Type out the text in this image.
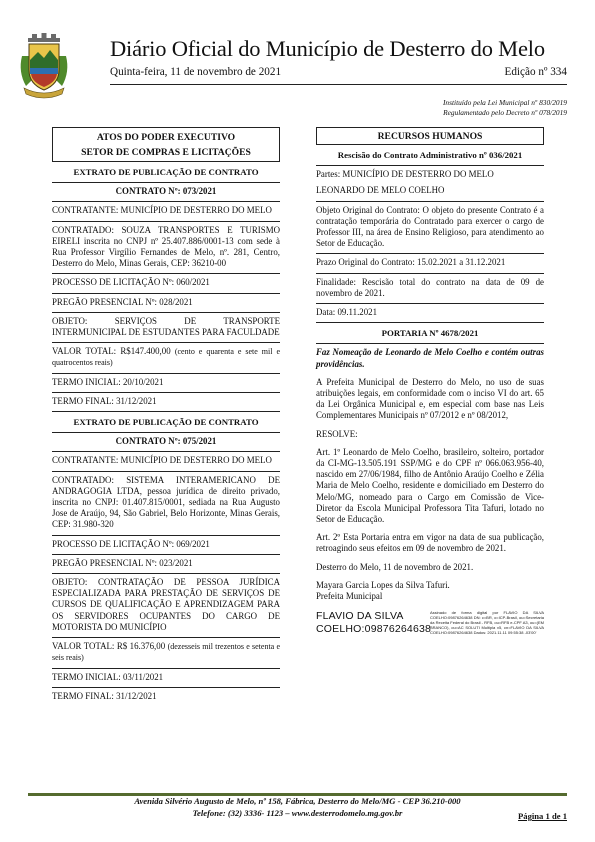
Diário Oficial do Município de Desterro do Melo
Quinta-feira, 11 de novembro de 2021	Edição nº 334
Instituído pela Lei Municipal nº 830/2019
Regulamentado pelo Decreto nº 078/2019
ATOS DO PODER EXECUTIVO
SETOR DE COMPRAS E LICITAÇÕES
EXTRATO DE PUBLICAÇÃO DE CONTRATO
CONTRATO Nº: 073/2021
CONTRATANTE: MUNICÍPIO DE DESTERRO DO MELO
CONTRATADO: SOUZA TRANSPORTES E TURISMO EIRELI inscrita no CNPJ nº 25.407.886/0001-13 com sede à Rua Professor Virgílio Fernandes de Melo, nº. 281, Centro, Desterro do Melo, Minas Gerais, CEP: 36210-00
PROCESSO DE LICITAÇÃO Nº: 060/2021
PREGÃO PRESENCIAL Nº: 028/2021
OBJETO: SERVIÇOS DE TRANSPORTE INTERMUNICIPAL DE ESTUDANTES PARA FACULDADE
VALOR TOTAL: R$147.400,00 (cento e quarenta e sete mil e quatrocentos reais)
TERMO INICIAL: 20/10/2021
TERMO FINAL: 31/12/2021
EXTRATO DE PUBLICAÇÃO DE CONTRATO
CONTRATO Nº: 075/2021
CONTRATANTE: MUNICÍPIO DE DESTERRO DO MELO
CONTRATADO: SISTEMA INTERAMERICANO DE ANDRAGOGIA LTDA, pessoa jurídica de direito privado, inscrita no CNPJ: 01.407.815/0001, sediada na Rua Augusto Jose de Araújo, 94, São Gabriel, Belo Horizonte, Minas Gerais, CEP: 31.980-320
PROCESSO DE LICITAÇÃO Nº: 069/2021
PREGÃO PRESENCIAL Nº: 023/2021
OBJETO: CONTRATAÇÃO DE PESSOA JURÍDICA ESPECIALIZADA PARA PRESTAÇÃO DE SERVIÇOS DE CURSOS DE QUALIFICAÇÃO E APRENDIZAGEM PARA OS SERVIDORES OCUPANTES DO CARGO DE MOTORISTA DO MUNICÍPIO
VALOR TOTAL: R$ 16.376,00 (dezesseis mil trezentos e setenta e seis reais)
TERMO INICIAL: 03/11/2021
TERMO FINAL: 31/12/2021
RECURSOS HUMANOS
Rescisão do Contrato Administrativo nº 036/2021

Partes: MUNICÍPIO DE DESTERRO DO MELO

LEONARDO DE MELO COELHO

Objeto Original do Contrato: O objeto do presente Contrato é a contratação temporária do Contratado para exercer o cargo de Professor III, na área de Ensino Religioso, para atendimento ao Setor de Educação.
Prazo Original do Contrato: 15.02.2021 a 31.12.2021
Finalidade: Rescisão total do contrato na data de 09 de novembro de 2021.
Data: 09.11.2021
PORTARIA Nº 4678/2021

Faz Nomeação de Leonardo de Melo Coelho e contém outras providências.

A Prefeita Municipal de Desterro do Melo, no uso de suas atribuições legais, em conformidade com o inciso VI do art. 65 da Lei Orgânica Municipal e, em especial com base nas Leis Complementares Municipais nº 07/2012 e nº 08/2012,

RESOLVE:

Art. 1º Leonardo de Melo Coelho, brasileiro, solteiro, portador da CI-MG-13.505.191 SSP/MG e do CPF nº 066.063.956-40, nascido em 27/06/1984, filho de Antônio Araújo Coelho e Zélia Maria de Melo Coelho, residente e domiciliado em Desterro do Melo/MG, nomeado para o Cargo em Comissão de Vice-Diretor da Escola Municipal Professora Tita Tafuri, lotado no Setor de Educação.

Art. 2º Esta Portaria entra em vigor na data de sua publicação, retroagindo seus efeitos em 09 de novembro de 2021.

Desterro do Melo, 11 de novembro de 2021.

Mayara Garcia Lopes da Silva Tafuri.

Prefeita Municipal

FLAVIO DA SILVA COELHO:09876264638
Assinado de forma digital por FLAVIO DA SILVA COELHO:09876264638 DN: c=BR, o=ICP-Brasil, ou=Secretaria da Receita Federal do Brasil - RFB, ou=RFB e-CPF A3, ou=(EM BRANCO), ou=AC SOLUTI Multipla v5, cn=FLAVIO DA SILVA COELHO:09876264638 Dados: 2021.11.11 09:55:38 -03'00'
Avenida Silvério Augusto de Melo, nº 158, Fábrica, Desterro do Melo/MG - CEP 36.210-000
Telefone: (32) 3336- 1123 – www.desterrodomelo.mg.gov.br	Página 1 de 1
